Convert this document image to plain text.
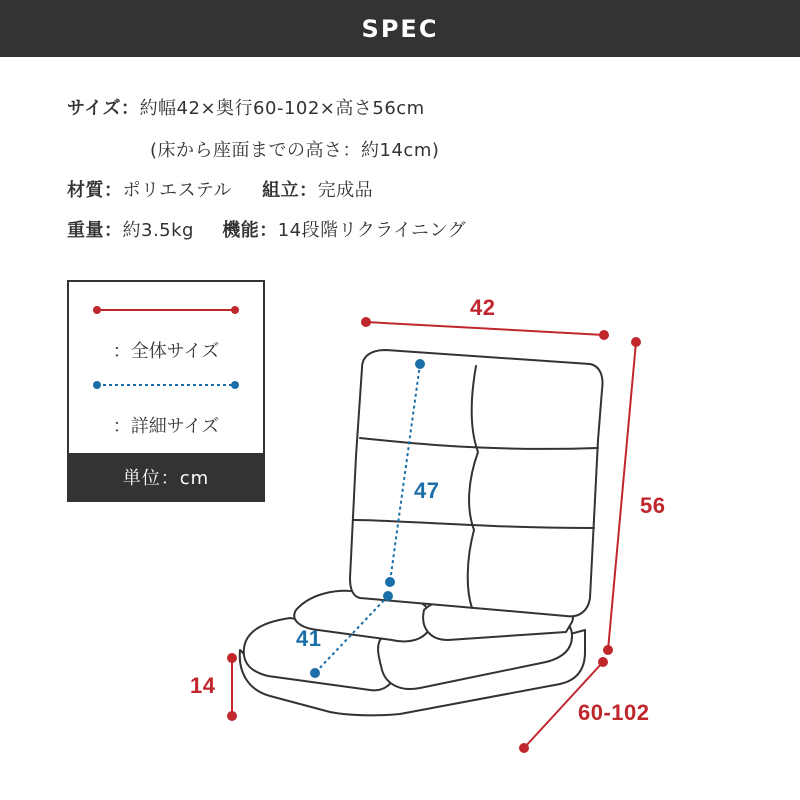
SPEC
サイズ：約幅42×奥行60-102×高さ56cm
(床から座面までの高さ：約14cm)
材質：ポリエステル 組立：完成品
重量：約3.5kg 機能：14段階リクライニング
：全体サイズ
：詳細サイズ
単位：cm
42
56
60-102
14
47
41
